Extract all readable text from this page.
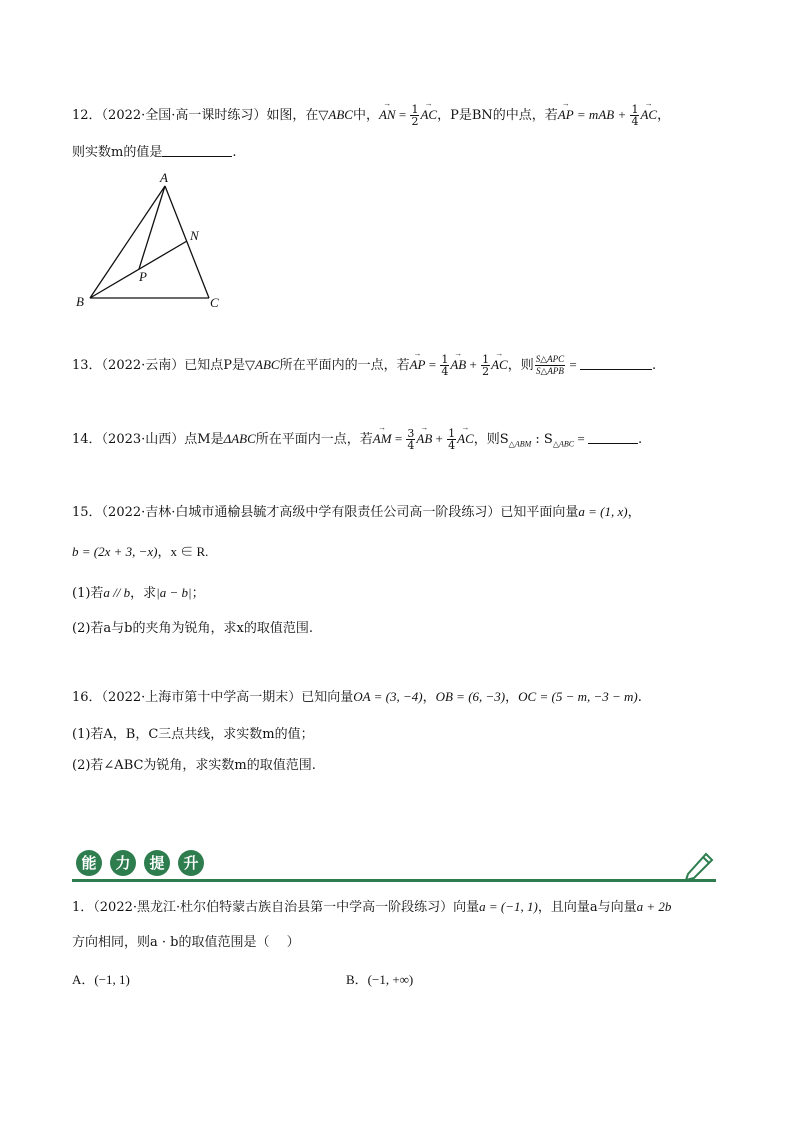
12．（2022·全国·高一课时练习）如图，在▽ABC中，→ AN = $\frac{1}{2}$ → AC，P是BN的中点，若→ AP = mAB + $\frac{1}{4}$ → AC，
则实数m的值是	.
A
B	C
N
P
13．（2022·云南）已知点P是▽ABC所在平面内的一点，若→ AP = $\frac{1}{4}$ → AB + $\frac{1}{2}$ → AC，则 $\frac{\text{S△APC}}{\text{S△APB}}$ =	.
14．（2023·山西）点M是ΔABC所在平面内一点，若→ AM = $\frac{3}{4}$ → AB + $\frac{1}{4}$ → AC，则$S_{\triangle ABM}$ : $S_{\triangle ABC}$ =	.
15．（2022·吉林·白城市通榆县毓才高级中学有限责任公司高一阶段练习）已知平面向量a = (1, x)，
b = (2x + 3, −x)，x ∈ R.
(1)若a // b，求|a − b|；
(2)若a与b的夹角为锐角，求x的取值范围.
16．（2022·上海市第十中学高一期末）已知向量OA = (3, −4)，OB = (6, −3)，OC = (5 − m, −3 − m).
(1)若A，B，C三点共线，求实数m的值；
(2)若∠ABC为锐角，求实数m的取值范围.
能	力	提	升
1．（2022·黑龙江·杜尔伯特蒙古族自治县第一中学高一阶段练习）向量a = (−1, 1)，且向量a与向量a + 2b
方向相同，则a · b的取值范围是（　 ）
A．(−1, 1)	B．(−1, +∞)
